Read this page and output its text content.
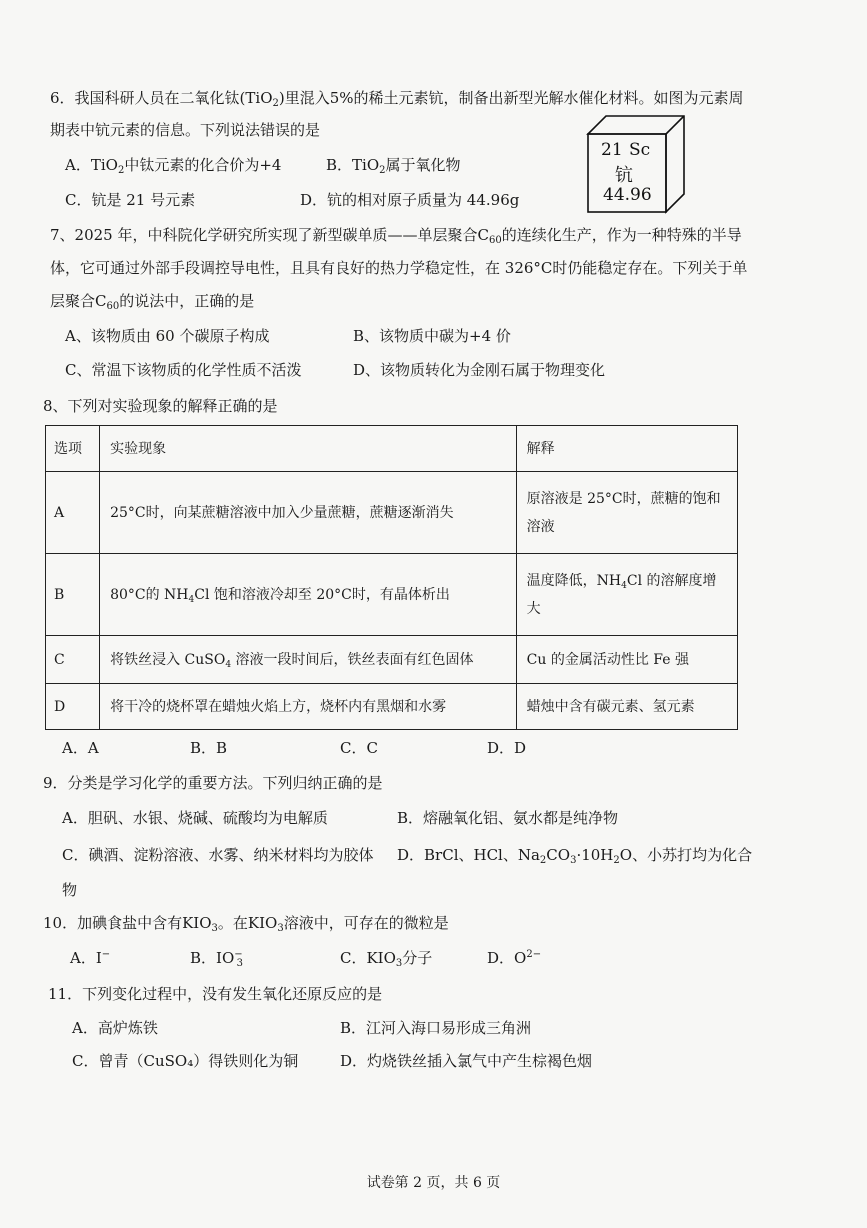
6．我国科研人员在二氧化钛(TiO$_2$)里混入5%的稀土元素钪，制备出新型光解水催化材料。如图为元素周
期表中钪元素的信息。下列说法错误的是
A．TiO$_2$中钛元素的化合价为+4	B．TiO$_2$属于氧化物
C．钪是 21 号元素	D．钪的相对原子质量为 44.96g
21 Sc
钪
44.96
7、2025 年，中科院化学研究所实现了新型碳单质——单层聚合$C_{60}$的连续化生产，作为一种特殊的半导
体，它可通过外部手段调控导电性，且具有良好的热力学稳定性，在 326°C时仍能稳定存在。下列关于单
层聚合$C_{60}$的说法中，正确的是
A、该物质由 60 个碳原子构成	B、该物质中碳为+4 价
C、常温下该物质的化学性质不活泼	D、该物质转化为金刚石属于物理变化
8、下列对实验现象的解释正确的是
选项	实验现象	解释
A	25°C时，向某蔗糖溶液中加入少量蔗糖，蔗糖逐渐消失	原溶液是 25°C时，蔗糖的饱和溶液
B	80°C的 $NH_4Cl$ 饱和溶液冷却至 20°C时，有晶体析出	温度降低，$NH_4Cl$ 的溶解度增大
C	将铁丝浸入 CuSO$_4$ 溶液一段时间后，铁丝表面有红色固体	Cu 的金属活动性比 Fe 强
D	将干冷的烧杯罩在蜡烛火焰上方，烧杯内有黑烟和水雾	蜡烛中含有碳元素、氢元素
A．A	B．B	C．C	D．D
9．分类是学习化学的重要方法。下列归纳正确的是
A．胆矾、水银、烧碱、硫酸均为电解质	B．熔融氧化铝、氨水都是纯净物
C．碘酒、淀粉溶液、水雾、纳米材料均为胶体 D．BrCl、HCl、$Na_2CO_3\cdot 10H_2O$、小苏打均为化合
物
10．加碘食盐中含有$KIO_3$。在$KIO_3$溶液中，可存在的微粒是
A．I−	B．$IO^-_3$	C．$KIO_3$分子	D．$O^{2-}$
11．下列变化过程中，没有发生氧化还原反应的是
A．高炉炼铁	B．江河入海口易形成三角洲
C．曾青（CuSO₄）得铁则化为铜	D．灼烧铁丝插入氯气中产生棕褐色烟
试卷第 2 页，共 6 页
